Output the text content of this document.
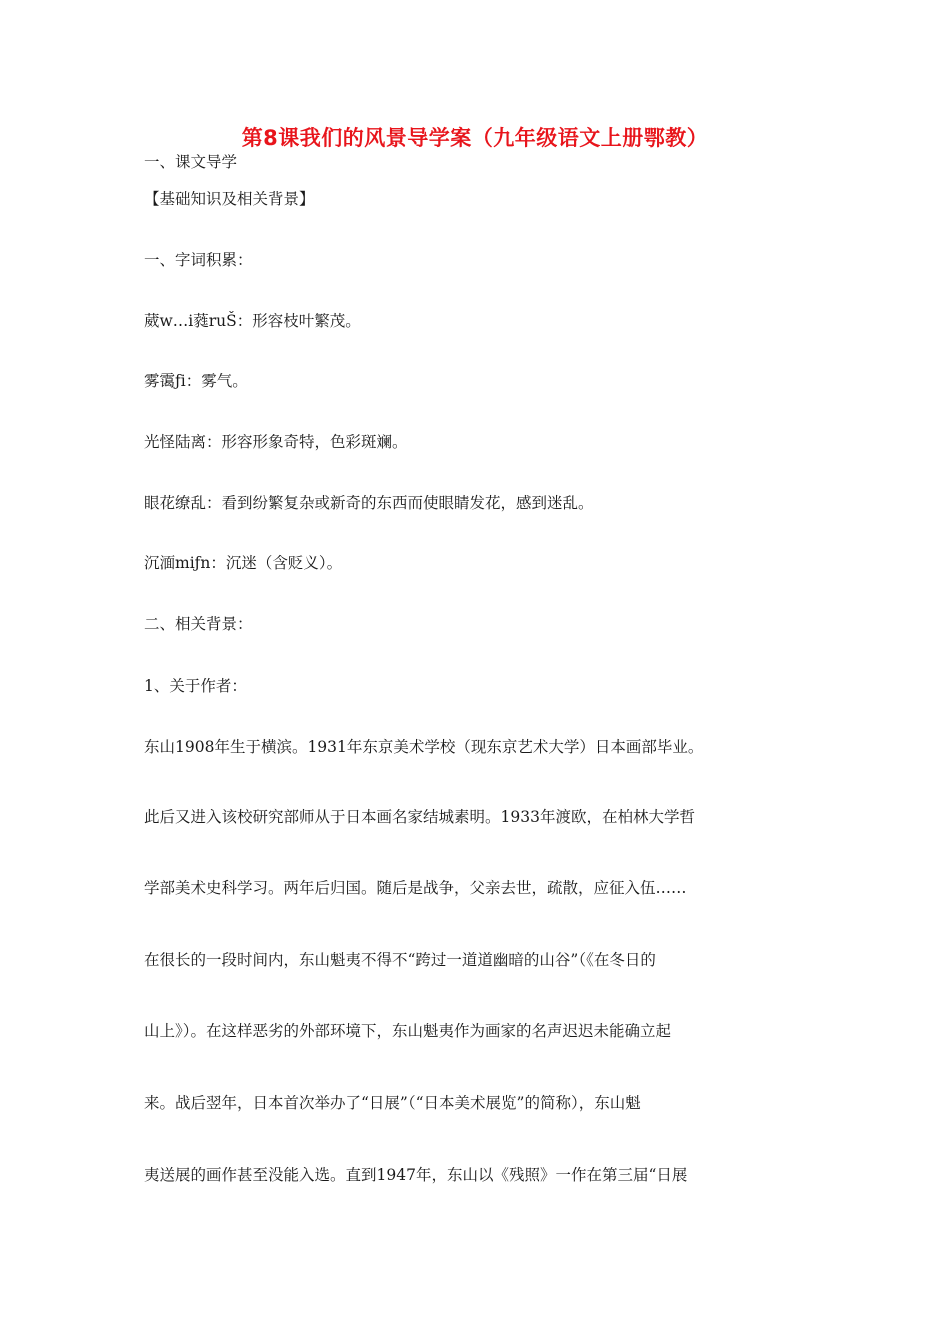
第8课我们的风景导学案（九年级语文上册鄂教）
一、课文导学
【基础知识及相关背景】
一、字词积累：
葳w…i蕤ruŠ：形容枝叶繁茂。
雾霭ƒi：雾气。
光怪陆离：形容形象奇特，色彩斑斓。
眼花缭乱：看到纷繁复杂或新奇的东西而使眼睛发花，感到迷乱。
沉湎miƒn：沉迷（含贬义）。
二、相关背景：
1、关于作者：
东山1908年生于横滨。1931年东京美术学校（现东京艺术大学）日本画部毕业。
此后又进入该校研究部师从于日本画名家结城素明。1933年渡欧，在柏林大学哲
学部美术史科学习。两年后归国。随后是战争，父亲去世，疏散，应征入伍……
在很长的一段时间内，东山魁夷不得不“跨过一道道幽暗的山谷”（《在冬日的
山上》）。在这样恶劣的外部环境下，东山魁夷作为画家的名声迟迟未能确立起
来。战后翌年，日本首次举办了“日展”（“日本美术展览”的简称），东山魁
夷送展的画作甚至没能入选。直到1947年，东山以《残照》一作在第三届“日展
